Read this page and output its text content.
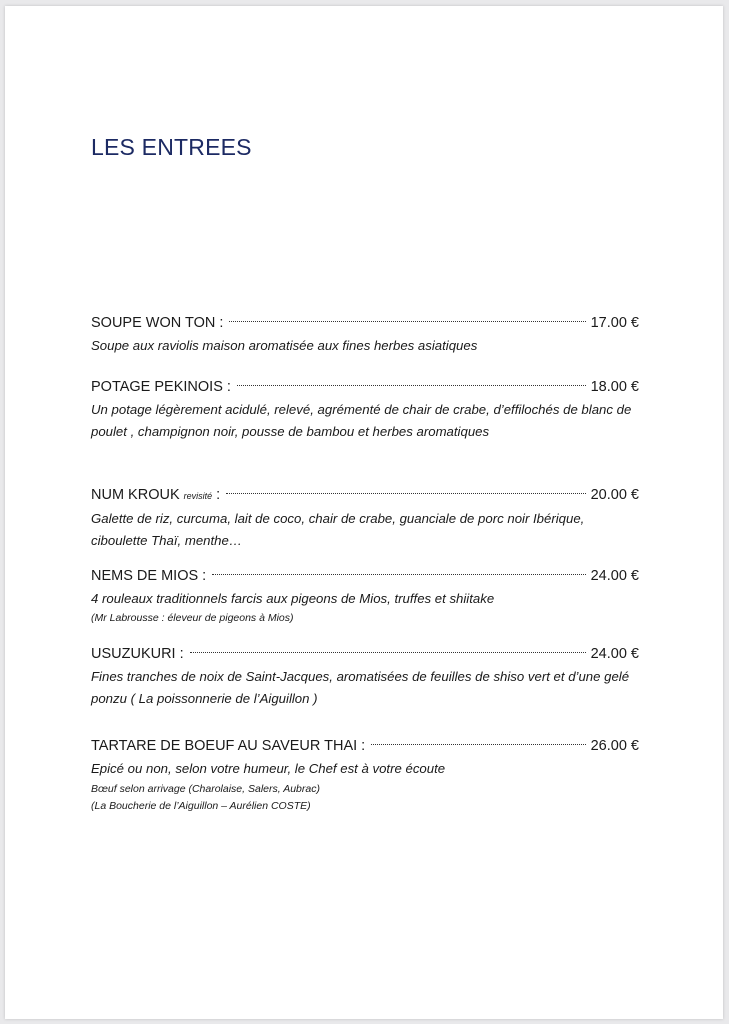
LES ENTREES
SOUPE WON TON :	17.00 €

Soupe aux raviolis maison aromatisée aux fines herbes asiatiques

POTAGE PEKINOIS :	18.00 €

Un potage légèrement acidulé, relevé, agrémenté de chair de crabe, d’effilochés de blanc de poulet , champignon noir, pousse de bambou et herbes aromatiques

NUM KROUK revisité :	20.00 €

Galette de riz, curcuma, lait de coco, chair de crabe, guanciale de porc noir Ibérique, ciboulette Thaï, menthe…

NEMS DE MIOS :	24.00 €

4 rouleaux traditionnels farcis aux pigeons de Mios, truffes et shiitake

(Mr Labrousse : éleveur de pigeons à Mios)

USUZUKURI :	24.00 €

Fines tranches de noix de Saint-Jacques, aromatisées de feuilles de shiso vert et d’une gelé ponzu ( La poissonnerie de l’Aiguillon )

TARTARE DE BOEUF AU SAVEUR THAI :	26.00 €

Epicé ou non, selon votre humeur, le Chef est à votre écoute

Bœuf selon arrivage (Charolaise, Salers, Aubrac)

(La Boucherie de l’Aiguillon – Aurélien COSTE)
